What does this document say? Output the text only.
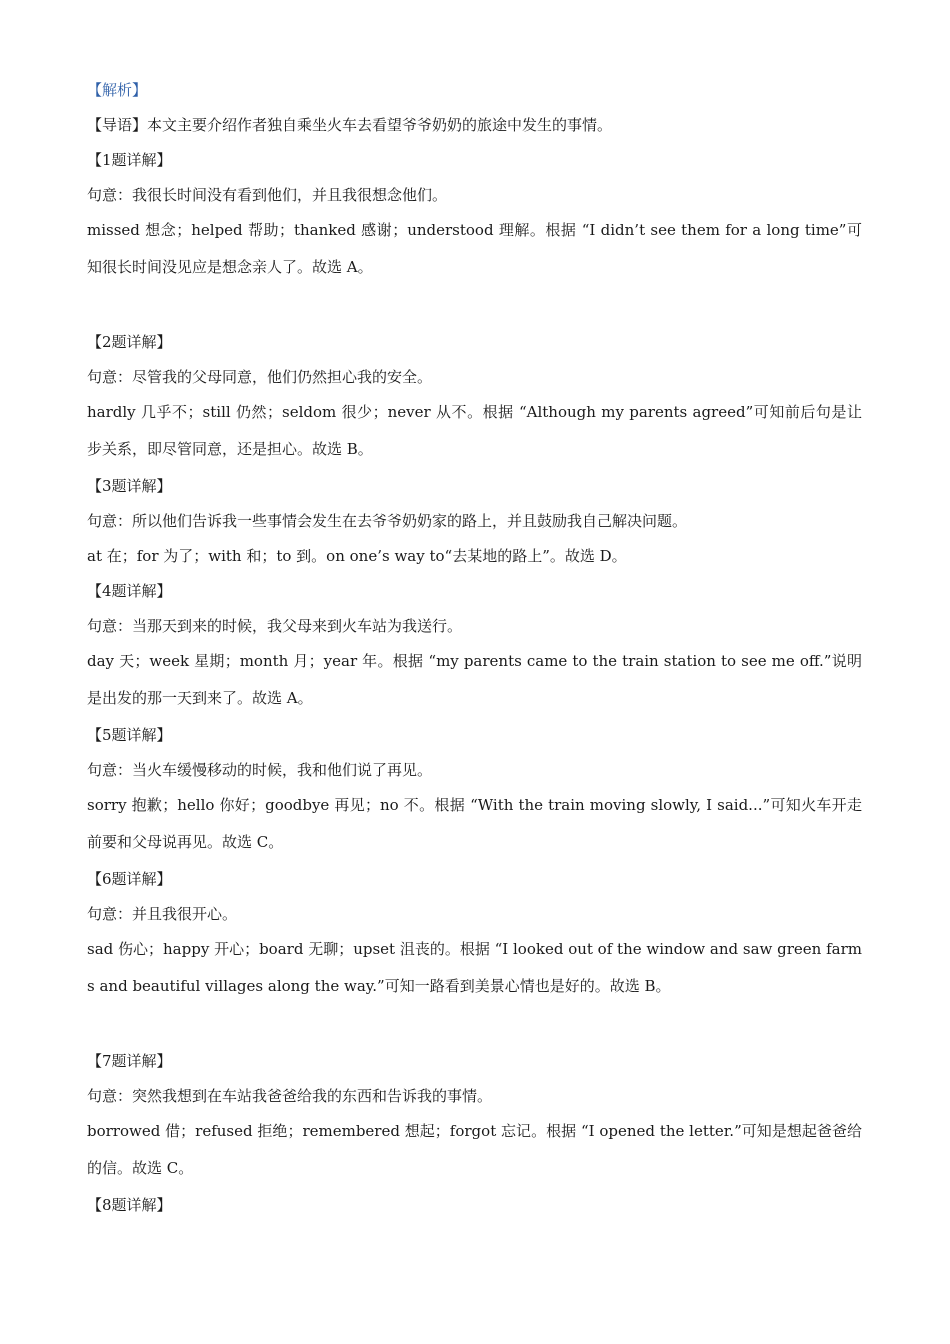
【解析】
【导语】本文主要介绍作者独自乘坐火车去看望爷爷奶奶的旅途中发生的事情。
【1题详解】
句意：我很长时间没有看到他们，并且我很想念他们。

missed 想念；helped 帮助；thanked 感谢；understood 理解。根据 “I didn’t see them for a long time”可知很长时间没见应是想念亲人了。故选 A。

【2题详解】
句意：尽管我的父母同意，他们仍然担心我的安全。

hardly 几乎不；still 仍然；seldom 很少；never 从不。根据 “Although my parents agreed”可知前后句是让步关系，即尽管同意，还是担心。故选 B。

【3题详解】
句意：所以他们告诉我一些事情会发生在去爷爷奶奶家的路上，并且鼓励我自己解决问题。
at 在；for 为了；with 和；to 到。on one’s way to“去某地的路上”。故选 D。
【4题详解】
句意：当那天到来的时候，我父母来到火车站为我送行。

day 天；week 星期；month 月；year 年。根据 “my parents came to the train station to see me off.”说明是出发的那一天到来了。故选 A。

【5题详解】
句意：当火车缓慢移动的时候，我和他们说了再见。

sorry 抱歉；hello 你好；goodbye 再见；no 不。根据 “With the train moving slowly, I said...”可知火车开走前要和父母说再见。故选 C。

【6题详解】
句意：并且我很开心。

sad 伤心；happy 开心；board 无聊；upset 沮丧的。根据 “I looked out of the window and saw green farms and beautiful villages along the way.”可知一路看到美景心情也是好的。故选 B。

【7题详解】
句意：突然我想到在车站我爸爸给我的东西和告诉我的事情。

borrowed 借；refused 拒绝；remembered 想起；forgot 忘记。根据 “I opened the letter.”可知是想起爸爸给的信。故选 C。

【8题详解】
